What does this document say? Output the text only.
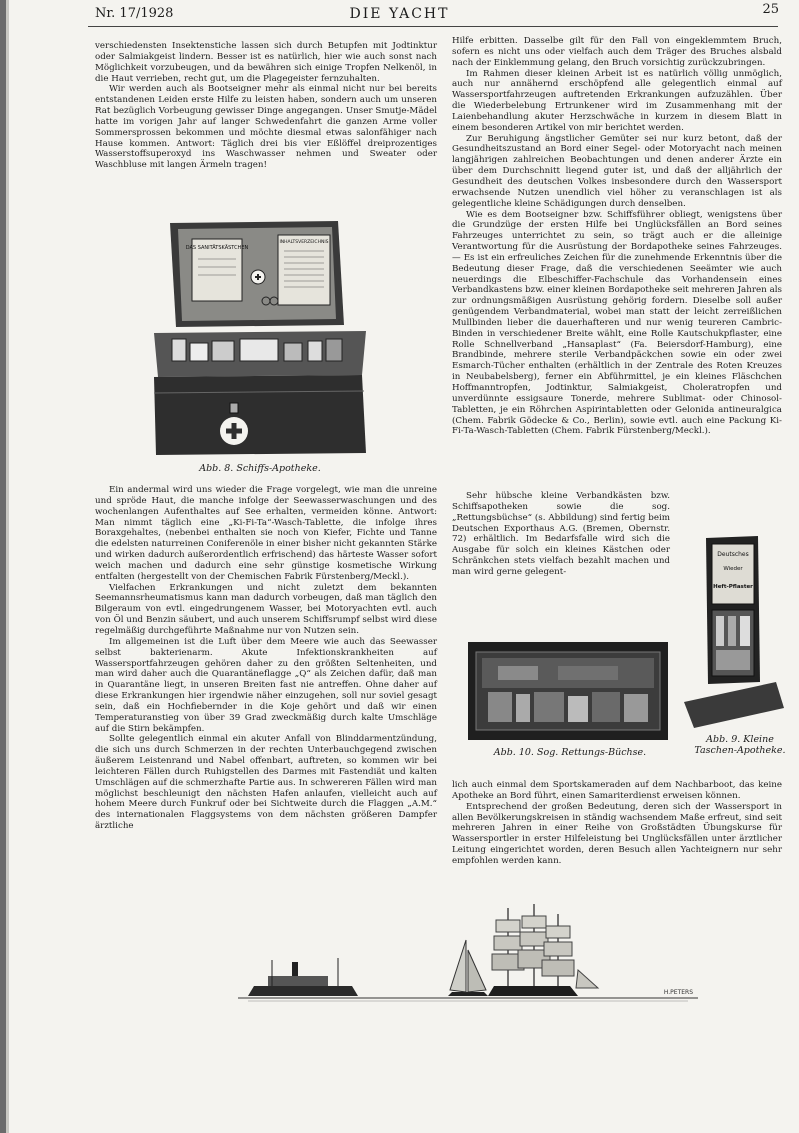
DIE YACHT
Nr. 17/1928	25

verschiedensten Insektenstiche lassen sich durch Betupfen mit Jodtinktur oder Salmiakgeist lindern. Besser ist es natürlich, hier wie auch sonst nach Möglichkeit vorzubeugen, und da bewähren sich einige Tropfen Nelkenöl, in die Haut verrieben, recht gut, um die Plagegeister fernzuhalten.

Wir werden auch als Bootseigner mehr als einmal nicht nur bei bereits entstandenen Leiden erste Hilfe zu leisten haben, sondern auch um unseren Rat bezüglich Vorbeugung gewisser Dinge angegangen. Unser Smutje-Mädel hatte im vorigen Jahr auf langer Schwedenfahrt die ganzen Arme voller Sommersprossen bekommen und möchte diesmal etwas salonfähiger nach Hause kommen. Antwort: Täglich drei bis vier Eßlöffel dreiprozentiges Wasserstoffsuperoxyd ins Waschwasser nehmen und Sweater oder Waschbluse mit langen Ärmeln tragen!

DAS SANITÄTSKÄSTCHEN
INHALTSVERZEICHNIS
Abb. 8. Schiffs-Apotheke.

Ein andermal wird uns wieder die Frage vorgelegt, wie man die unreine und spröde Haut, die manche infolge der Seewasserwaschungen und des wochenlangen Aufenthaltes auf See erhalten, vermeiden könne. Antwort: Man nimmt täglich eine „Ki-Fi-Ta“-Wasch-Tablette, die infolge ihres Boraxgehaltes, (nebenbei enthalten sie noch von Kiefer, Fichte und Tanne die edelsten naturreinen Coniferenöle in einer bisher nicht gekannten Stärke und wirken dadurch außerordentlich erfrischend) das härteste Wasser sofort weich machen und dadurch eine sehr günstige kosmetische Wirkung entfalten (hergestellt von der Chemischen Fabrik Fürstenberg/Meckl.).

Vielfachen Erkrankungen und nicht zuletzt dem bekannten Seemannsrheumatismus kann man dadurch vorbeugen, daß man täglich den Bilgeraum von evtl. eingedrungenem Wasser, bei Motoryachten evtl. auch von Öl und Benzin säubert, und auch unserem Schiffsrumpf selbst wird diese regelmäßig durchgeführte Maßnahme nur von Nutzen sein.

Im allgemeinen ist die Luft über dem Meere wie auch das Seewasser selbst bakterienarm. Akute Infektionskrankheiten auf Wassersportfahrzeugen gehören daher zu den größten Seltenheiten, und man wird daher auch die Quarantäneflagge „Q“ als Zeichen dafür, daß man in Quarantäne liegt, in unseren Breiten fast nie antreffen. Ohne daher auf diese Erkrankungen hier irgendwie näher einzugehen, soll nur soviel gesagt sein, daß ein Hochfiebernder in die Koje gehört und daß wir einen Temperaturanstieg von über 39 Grad zweckmäßig durch kalte Umschläge auf die Stirn bekämpfen.

Sollte gelegentlich einmal ein akuter Anfall von Blinddarmentzündung, die sich uns durch Schmerzen in der rechten Unterbauchgegend zwischen äußerem Leistenrand und Nabel offenbart, auftreten, so kommen wir bei leichteren Fällen durch Ruhigstellen des Darmes mit Fastendiät und kalten Umschlägen auf die schmerzhafte Partie aus. In schwereren Fällen wird man möglichst beschleunigt den nächsten Hafen anlaufen, vielleicht auch auf hohem Meere durch Funkruf oder bei Sichtweite durch die Flaggen „A.M.“ des internationalen Flaggsystems von dem nächsten größeren Dampfer ärztliche

Hilfe erbitten. Dasselbe gilt für den Fall von eingeklemmtem Bruch, sofern es nicht uns oder vielfach auch dem Träger des Bruches alsbald nach der Einklemmung gelang, den Bruch vorsichtig zurückzubringen.

Im Rahmen dieser kleinen Arbeit ist es natürlich völlig unmöglich, auch nur annähernd erschöpfend alle gelegentlich einmal auf Wassersportfahrzeugen auftretenden Erkrankungen aufzuzählen. Über die Wiederbelebung Ertrunkener wird im Zusammenhang mit der Laienbehandlung akuter Herzschwäche in kurzem in diesem Blatt in einem besonderen Artikel von mir berichtet werden.

Zur Beruhigung ängstlicher Gemüter sei nur kurz betont, daß der Gesundheitszustand an Bord einer Segel- oder Motoryacht nach meinen langjährigen zahlreichen Beobachtungen und denen anderer Ärzte ein über dem Durchschnitt liegend guter ist, und daß der alljährlich der Gesundheit des deutschen Volkes insbesondere durch den Wassersport erwachsende Nutzen unendlich viel höher zu veranschlagen ist als gelegentliche kleine Schädigungen durch denselben.

Wie es dem Bootseigner bzw. Schiffsführer obliegt, wenigstens über die Grundzüge der ersten Hilfe bei Unglücksfällen an Bord seines Fahrzeuges unterrichtet zu sein, so trägt auch er die alleinige Verantwortung für die Ausrüstung der Bordapotheke seines Fahrzeuges. — Es ist ein erfreuliches Zeichen für die zunehmende Erkenntnis über die Bedeutung dieser Frage, daß die verschiedenen Seeämter wie auch neuerdings die Elbeschiffer-Fachschule das Vorhandensein eines Verbandkastens bzw. einer kleinen Bordapotheke seit mehreren Jahren als zur ordnungsmäßigen Ausrüstung gehörig fordern. Dieselbe soll außer genügendem Verbandmaterial, wobei man statt der leicht zerreißlichen Mullbinden lieber die dauerhafteren und nur wenig teureren Cambric-Binden in verschiedener Breite wählt, eine Rolle Kautschukpflaster, eine Rolle Schnellverband „Hansaplast“ (Fa. Beiersdorf-Hamburg), eine Brandbinde, mehrere sterile Verbandpäckchen sowie ein oder zwei Esmarch-Tücher enthalten (erhältlich in der Zentrale des Roten Kreuzes in Neubabelsberg), ferner ein Abführmittel, je ein kleines Fläschchen Hoffmanntropfen, Jodtinktur, Salmiakgeist, Choleratropfen und unverdünnte essigsaure Tonerde, mehrere Sublimat- oder Chinosol-Tabletten, je ein Röhrchen Aspirintabletten oder Gelonida antineuralgica (Chem. Fabrik Gödecke & Co., Berlin), sowie evtl. auch eine Packung Ki-Fi-Ta-Wasch-Tabletten (Chem. Fabrik Fürstenberg/Meckl.).

Sehr hübsche kleine Verbandkästen bzw. Schiffsapotheken sowie die sog. „Rettungsbüchse“ (s. Abbildung) sind fertig beim Deutschen Exporthaus A.G. (Bremen, Obernstr. 72) erhältlich. Im Bedarfsfalle wird sich die Ausgabe für solch ein kleines Kästchen oder Schränkchen stets vielfach bezahlt machen und man wird gerne gelegent-

Deutsches
Wieder
Heft-Pflaster
Abb. 9. Kleine
Taschen-Apotheke.
Abb. 10. Sog. Rettungs-Büchse.

lich auch einmal dem Sportskameraden auf dem Nachbarboot, das keine Apotheke an Bord führt, einen Samariterdienst erweisen können.

Entsprechend der großen Bedeutung, deren sich der Wassersport in allen Bevölkerungskreisen in ständig wachsendem Maße erfreut, sind seit mehreren Jahren in einer Reihe von Großstädten Übungskurse für Wassersportler in erster Hilfeleistung bei Unglücksfällen unter ärztlicher Leitung eingerichtet worden, deren Besuch allen Yachteignern nur sehr empfohlen werden kann.

H.PETERS
